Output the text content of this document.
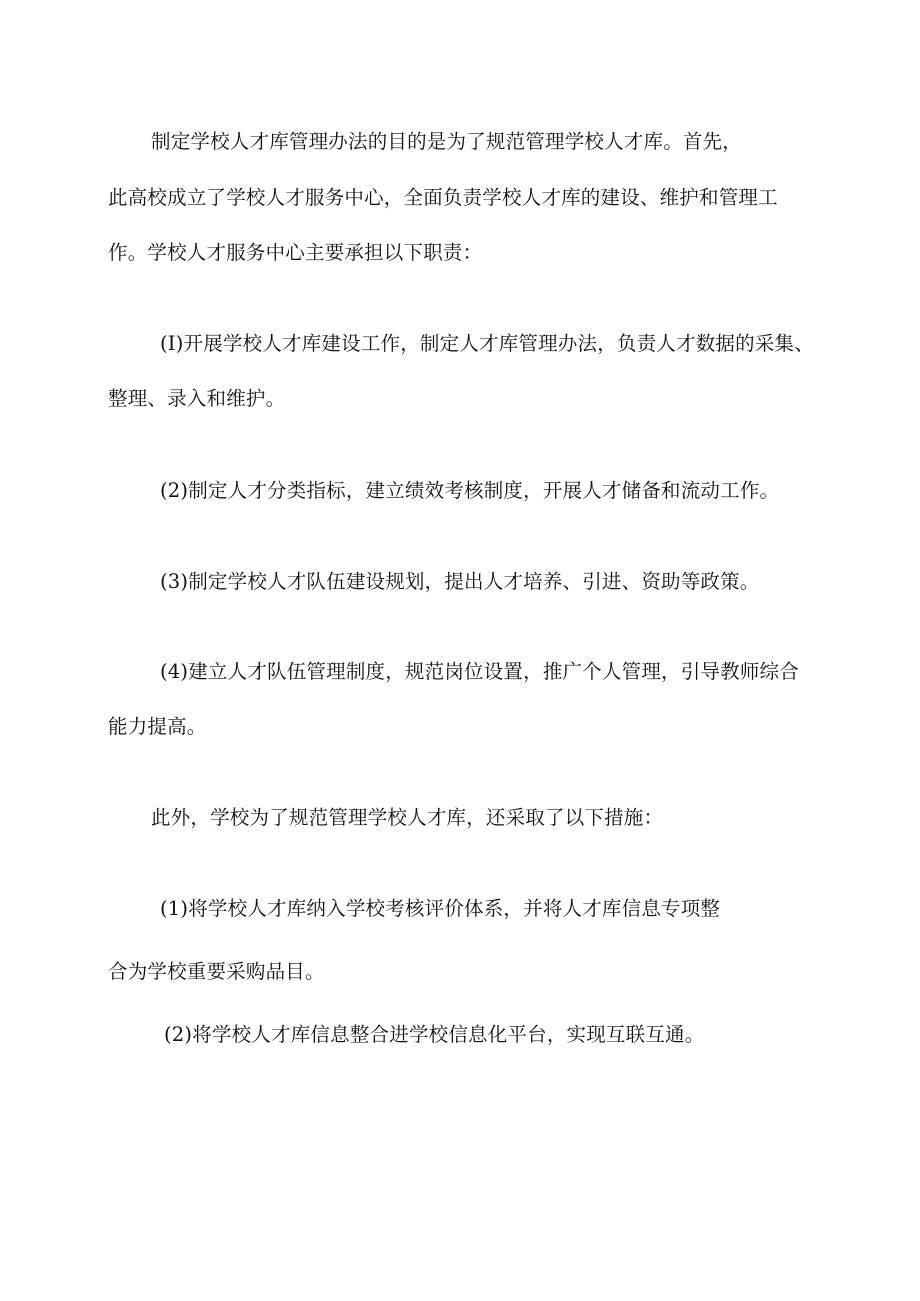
制定学校人才库管理办法的目的是为了规范管理学校人才库。首先，

此高校成立了学校人才服务中心，全面负责学校人才库的建设、维护和管理工

作。学校人才服务中心主要承担以下职责：

(I)开展学校人才库建设工作，制定人才库管理办法，负责人才数据的采集、

整理、录入和维护。

(2)制定人才分类指标，建立绩效考核制度，开展人才储备和流动工作。

(3)制定学校人才队伍建设规划，提出人才培养、引进、资助等政策。

(4)建立人才队伍管理制度，规范岗位设置，推广个人管理，引导教师综合

能力提高。

此外，学校为了规范管理学校人才库，还采取了以下措施：

(1)将学校人才库纳入学校考核评价体系，并将人才库信息专项整

合为学校重要采购品目。

(2)将学校人才库信息整合进学校信息化平台，实现互联互通。
